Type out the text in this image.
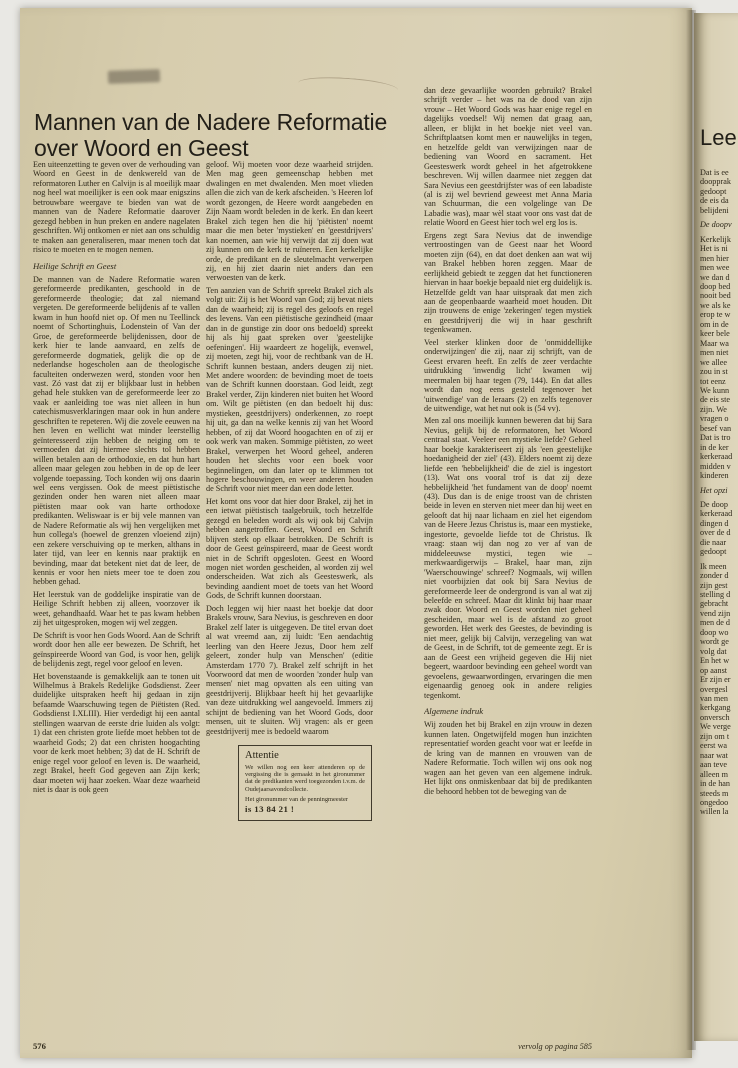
Mannen van de Nadere Reformatie
over Woord en Geest
Een uiteenzetting te geven over de verhouding van Woord en Geest in de denkwereld van de reformatoren Luther en Calvijn is al moeilijk maar nog heel wat moeilijker is een ook maar enigszins betrouwbare weergave te bieden van wat de mannen van de Nadere Reformatie daarover gezegd hebben in hun preken en andere nagelaten geschriften. Wij ontkomen er niet aan ons schuldig te maken aan generaliseren, maar menen toch dat risico te moeten en te mogen nemen.
Heilige Schrift en Geest
De mannen van de Nadere Reformatie waren gereformeerde predikanten, geschoold in de gereformeerde theologie; dat zal niemand vergeten. De gereformeerde belijdenis af te vallen kwam in hun hoofd niet op. Of men nu Teellinck noemt of Schortinghuis, Lodenstein of Van der Groe, de gereformeerde belijdenissen, door de kerk hier te lande aanvaard, en zelfs de gereformeerde dogmatiek, gelijk die op de nederlandse hogescholen aan de theologische faculteiten onderwezen werd, stonden voor hen vast. Zó vast dat zij er blijkbaar lust in hebben gehad hele stukken van de gereformeerde leer zo vaak er aanleiding toe was niet alleen in hun catechismusverklaringen maar ook in hun andere geschriften te repeteren. Wij die zovele eeuwen na hen leven en wellicht wat minder leerstellig geïnteresseerd zijn hebben de neiging om te vermoeden dat zij hiermee slechts tol hebben willen betalen aan de orthodoxie, en dat hun hart alleen maar gelegen zou hebben in de op de leer volgende toepassing. Toch konden wij ons daarin wel eens vergissen. Ook de meest piëtistische gezinden onder hen waren niet alleen maar piëtisten maar ook van harte orthodoxe predikanten. Weliswaar is er bij vele mannen van de Nadere Reformatie als wij hen vergelijken met hun collega's (hoewel de grenzen vloeiend zijn) een zekere verschuiving op te merken, althans in later tijd, van leer en kennis naar praktijk en bevinding, maar dat betekent niet dat de leer, de kennis er voor hen niets meer toe te doen zou hebben gehad.
Het leerstuk van de goddelijke inspiratie van de Heilige Schrift hebben zij alleen, voorzover ik weet, gehandhaafd. Waar het te pas kwam hebben zij het uitgesproken, mogen wij wel zeggen.
De Schrift is voor hen Gods Woord. Aan de Schrift wordt door hen alle eer bewezen. De Schrift, het geïnspireerde Woord van God, is voor hen, gelijk de belijdenis zegt, regel voor geloof en leven.
Het bovenstaande is gemakkelijk aan te tonen uit Wilhelmus à Brakels Redelijke Godsdienst. Zeer duidelijke uitspraken heeft hij gedaan in zijn befaamde Waarschuwing tegen de Piëtisten (Red. Godsdienst I.XLIII). Hier verdedigt hij een aantal stellingen waarvan de eerste drie luiden als volgt: 1) dat een christen grote liefde moet hebben tot de waarheid Gods; 2) dat een christen hoogachting voor de kerk moet hebben; 3) dat de H. Schrift de enige regel voor geloof en leven is. De waarheid, zegt Brakel, heeft God gegeven aan Zijn kerk; daar moeten wij haar zoeken. Waar deze waarheid niet is daar is ook geen
geloof. Wij moeten voor deze waarheid strijden. Men mag geen gemeenschap hebben met dwalingen en met dwalenden. Men moet vlieden allen die zich van de kerk afscheiden. 's Heeren lof wordt gezongen, de Heere wordt aangebeden en Zijn Naam wordt beleden in de kerk. En dan keert Brakel zich tegen hen die hij 'piëtisten' noemt maar die men beter 'mystieken' en 'geestdrijvers' kan noemen, aan wie hij verwijt dat zij doen wat zij kunnen om de kerk te ruïneren. Een kerkelijke orde, de predikant en de sleutelmacht verwerpen zij, en hij ziet daarin niet anders dan een verwoesten van de kerk.
Ten aanzien van de Schrift spreekt Brakel zich als volgt uit: Zij is het Woord van God; zij bevat niets dan de waarheid; zij is regel des geloofs en regel des levens. Van een piëtistische gezindheid (maar dan in de gunstige zin door ons bedoeld) spreekt hij als hij gaat spreken over 'geestelijke oefeningen'. Hij waardeert ze hogelijk, evenwel, zij moeten, zegt hij, voor de rechtbank van de H. Schrift kunnen bestaan, anders deugen zij niet. Met andere woorden: de bevinding moet de toets van de Schrift kunnen doorstaan. God leidt, zegt Brakel verder, Zijn kinderen niet buiten het Woord om. Wilt ge piëtisten (en dan bedoelt hij dus: mystieken, geestdrijvers) onderkennen, zo roept hij uit, ga dan na welke kennis zij van het Woord hebben, of zij dat Woord hoogachten en of zij er ook werk van maken. Sommige piëtisten, zo weet Brakel, verwerpen het Woord geheel, anderen houden het slechts voor een boek voor beginnelingen, om dan later op te klimmen tot hogere beschouwingen, en weer anderen houden de Schrift voor niet meer dan een dode letter.
Het komt ons voor dat hier door Brakel, zij het in een ietwat piëtistisch taalgebruik, toch hetzelfde gezegd en beleden wordt als wij ook bij Calvijn hebben aangetroffen. Geest, Woord en Schrift blijven sterk op elkaar betrokken. De Schrift is door de Geest geïnspireerd, maar de Geest wordt niet in de Schrift opgesloten. Geest en Woord mogen niet worden gescheiden, al worden zij wel onderscheiden. Wat zich als Geesteswerk, als bevinding aandient moet de toets van het Woord Gods, de Schrift kunnen doorstaan.
Doch leggen wij hier naast het boekje dat door Brakels vrouw, Sara Nevius, is geschreven en door Brakel zelf later is uitgegeven. De titel ervan doet al wat vreemd aan, zij luidt: 'Een aendachtig leerling van den Heere Jezus, Door hem zelf geleert, zonder hulp van Menschen' (editie Amsterdam 1770 7). Brakel zelf schrijft in het Voorwoord dat men de woorden 'zonder hulp van mensen' niet mag opvatten als een uiting van geestdrijverij. Blijkbaar heeft hij het gevaarlijke van deze uitdrukking wel aangevoeld. Immers zij schijnt de bediening van het Woord Gods, door mensen, uit te sluiten. Wij vragen: als er geen geestdrijverij mee is bedoeld waarom
Attentie
We willen nog een keer attenderen op de vergissing die is gemaakt in het gironummer dat de predikanten werd toegezonden i.v.m. de Oudejaarsavondcollecte.
Het gironummer van de penningmeester
is 13 84 21 !
dan deze gevaarlijke woorden gebruikt? Brakel schrijft verder – het was na de dood van zijn vrouw – Het Woord Gods was haar enige regel en dagelijks voedsel! Wij nemen dat graag aan, alleen, er blijkt in het boekje niet veel van. Schriftplaatsen komt men er nauwelijks in tegen, en hetzelfde geldt van verwijzingen naar de bediening van Woord en sacrament. Het Geesteswerk wordt geheel in het afgetrokkene beschreven. Wij willen daarmee niet zeggen dat Sara Nevius een geestdrijfster was of een labadiste (al is zij wel bevriend geweest met Anna Maria van Schuurman, die een volgelinge van De Labadie was), maar wèl staat voor ons vast dat de relatie Woord en Geest hier toch wel erg los is.
Ergens zegt Sara Nevius dat de inwendige vertroostingen van de Geest naar het Woord moeten zijn (64), en dat doet denken aan wat wij van Brakel hebben horen zeggen. Maar de eerlijkheid gebiedt te zeggen dat het functioneren hiervan in haar boekje bepaald niet erg duidelijk is. Hetzelfde geldt van haar uitspraak dat men zich aan de geopenbaarde waarheid moet houden. Dit zijn trouwens de enige 'zekeringen' tegen mystiek en geestdrijverij die wij in haar geschrift tegenkwamen.
Veel sterker klinken door de 'onmiddellijke onderwijzingen' die zij, naar zij schrijft, van de Geest ervaren heeft. En zelfs de zeer verdachte uitdrukking 'inwendig licht' kwamen wij meermalen bij haar tegen (79, 144). En dat alles wordt dan nog eens gesteld tegenover het 'uitwendige' van de leraars (2) en zelfs tegenover de uitwendige, wat het nut ook is (54 vv).
Men zal ons moeilijk kunnen beweren dat bij Sara Nevius, gelijk bij de reformatoren, het Woord centraal staat. Veeleer een mystieke liefde? Geheel haar boekje karakteriseert zij als 'een geestelijke hoedanigheid der ziel' (43). Elders noemt zij deze liefde een 'hebbelijkheid' die de ziel is ingestort (13). Wat ons vooral trof is dat zij deze hebbelijkheid 'het fundament van de doop' noemt (43). Dus dan is de enige troost van de christen beide in leven en sterven niet meer dan hij weet en gelooft dat hij naar lichaam en ziel het eigendom van de Heere Jezus Christus is, maar een mystieke, ingestorte, gevoelde liefde tot de Christus. Ik vraag: staan wij dan nog zo ver af van de middeleeuwse mystici, tegen wie – merkwaardigerwijs – Brakel, haar man, zijn 'Waerschouwinge' schreef? Nogmaals, wij willen niet voorbijzien dat ook bij Sara Nevius de gereformeerde leer de ondergrond is van al wat zij beleefde en schreef. Maar dit klinkt bij haar maar zwak door. Woord en Geest worden niet geheel gescheiden, maar wel is de afstand zo groot geworden. Het werk des Geestes, de bevinding is niet meer, gelijk bij Calvijn, verzegeling van wat de Geest, in de Schrift, tot de gemeente zegt. Er is aan de Geest een vrijheid gegeven die Hij niet begeert, waardoor bevinding een geheel wordt van gevoelens, gewaarwordingen, ervaringen die men eigenaardig genoeg ook in andere religies tegenkomt.
Algemene indruk
Wij zouden het bij Brakel en zijn vrouw in dezen kunnen laten. Ongetwijfeld mogen hun inzichten representatief worden geacht voor wat er leefde in de kring van de mannen en vrouwen van de Nadere Reformatie. Toch willen wij ons ook nog wagen aan het geven van een algemene indruk. Het lijkt ons onmiskenbaar dat bij de predikanten die behoord hebben tot de beweging van de
576	vervolg op pagina 585
Lee
Dat is ee
doopprak
gedoopt
de eis da
belijdeni
De doopv
Kerkelijk
Het is ni
men hier
men wee
we dan d
doop bed
nooit bed
we als ke
erop te w
om in de
keer bele
Maar wa
men niet
we allee
zou in st
tot eenz
We kunn
de eis ste
zijn. We
vragen o
besef van
Dat is tro
in de ker
kerkeraad
midden v
kinderen
Het opzi
De doop
kerkeraad
dingen d
over de d
die naar
gedoopt
Ik meen
zonder d
zijn gest
stelling d
gebracht
vend zijn
men de d
doop wo
wordt ge
volg dat
En het w
op aanst
Er zijn er
overgesl
van men
kerkgang
onversch
We verge
zijn om t
eerst wa
naar wat
aan teve
alleen m
in de han
steeds m
ongedoo
willen la
